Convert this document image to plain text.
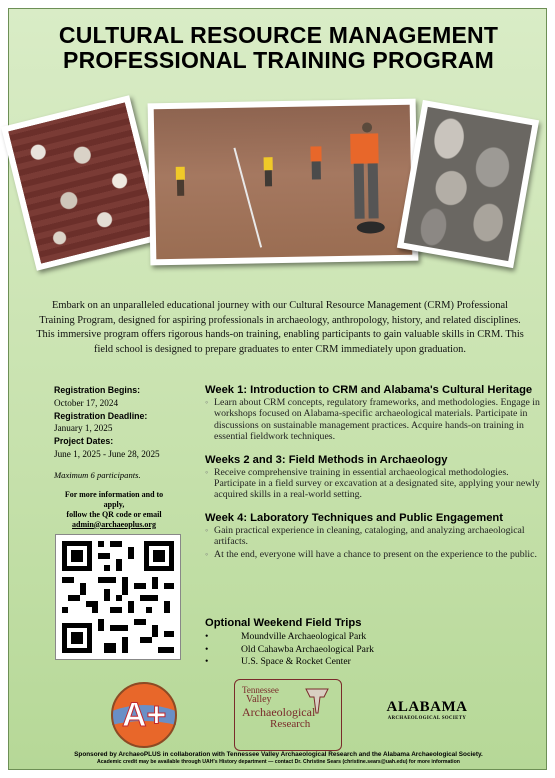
CULTURAL RESOURCE MANAGEMENT
PROFESSIONAL TRAINING PROGRAM
Embark on an unparalleled educational journey with our Cultural Resource Management (CRM) Professional Training Program, designed for aspiring professionals in archaeology, anthropology, history, and related disciplines. This immersive program offers rigorous hands-on training, enabling participants to gain valuable skills in CRM. This field school is designed to prepare graduates to enter CRM immediately upon graduation.
Registration Begins:
October 17, 2024
Registration Deadline:
January 1, 2025
Project Dates:
June 1, 2025 - June 28, 2025
Maximum 6 participants.
For more information and to apply,
follow the QR code or email
admin@archaeoplus.org
Week 1: Introduction to CRM and Alabama's Cultural Heritage

◦ Learn about CRM concepts, regulatory frameworks, and methodologies. Engage in workshops focused on Alabama-specific archaeological materials. Participate in discussions on sustainable management practices. Acquire hands-on training in essential fieldwork techniques.

Weeks 2 and 3: Field Methods in Archaeology

◦ Receive comprehensive training in essential archaeological methodologies. Participate in a field survey or excavation at a designated site, applying your newly acquired skills in a real-world setting.

Week 4: Laboratory Techniques and Public Engagement

◦ Gain practical experience in cleaning, cataloging, and analyzing archaeological artifacts.

◦ At the end, everyone will have a chance to present on the experience to the public.

Optional Weekend Field Trips
• Moundville Archaeological Park
• Old Cahawba Archaeological Park
• U.S. Space & Rocket Center
A+
Tennessee
Valley
Archaeological
Research
ALABAMA
ARCHAEOLOGICAL SOCIETY
Sponsored by ArchaeoPLUS in collaboration with Tennessee Valley Archaeological Research and the Alabama Archaeological Society.
Academic credit may be available through UAH's History department — contact Dr. Christine Sears (christine.sears@uah.edu) for more information
